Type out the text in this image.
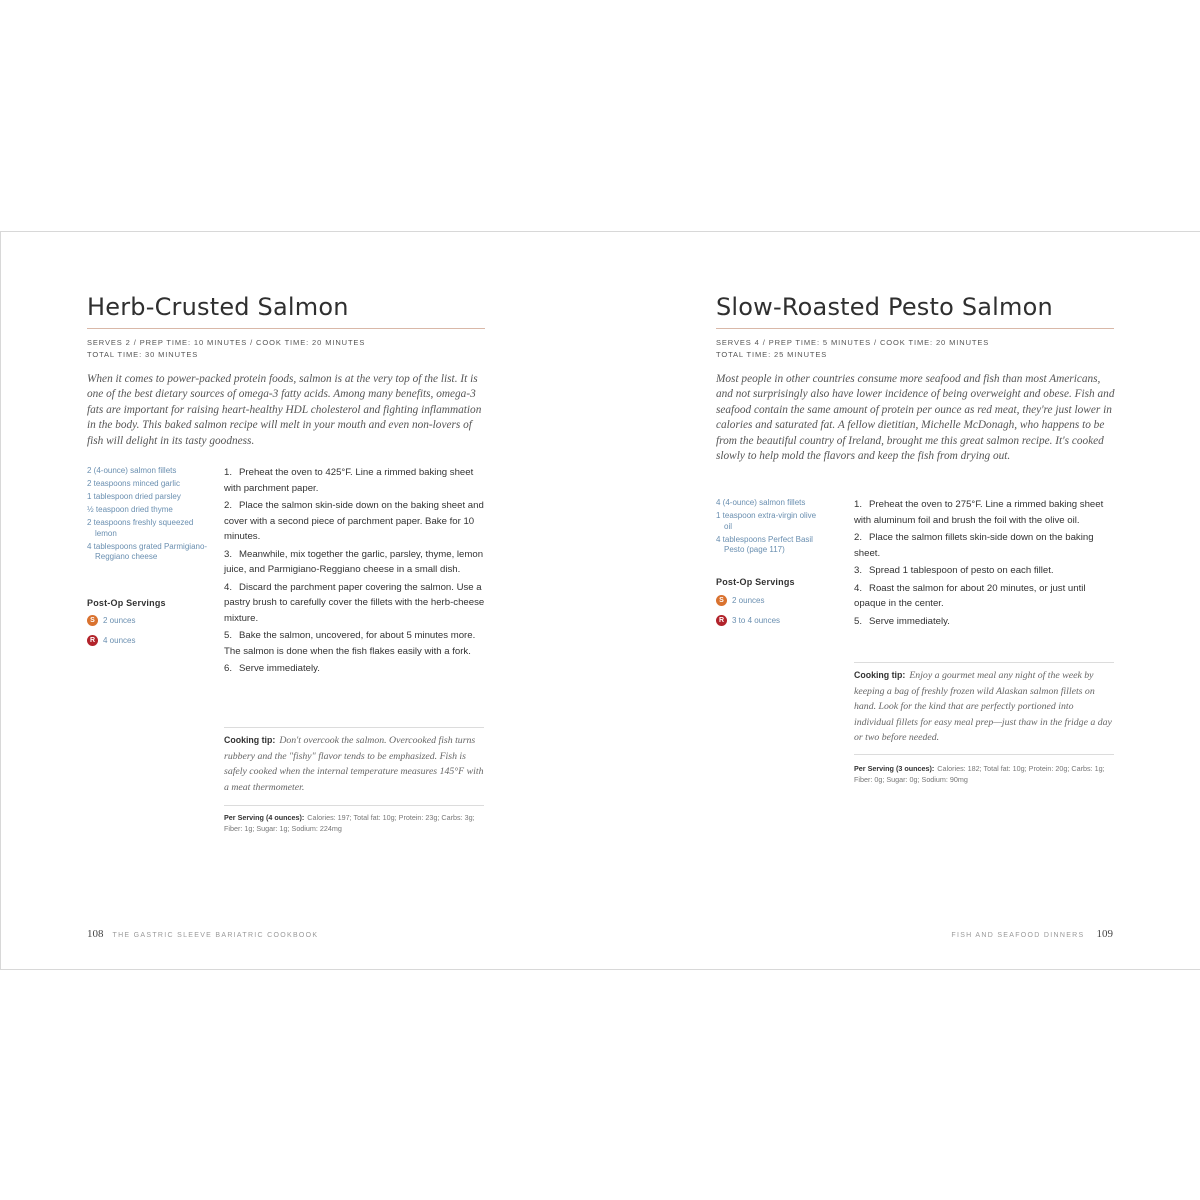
Herb-Crusted Salmon
SERVES 2 / PREP TIME: 10 MINUTES / COOK TIME: 20 MINUTES
TOTAL TIME: 30 MINUTES

When it comes to power-packed protein foods, salmon is at the very top of the list. It is one of the best dietary sources of omega-3 fatty acids. Among many benefits, omega-3 fats are important for raising heart-healthy HDL cholesterol and fighting inflammation in the body. This baked salmon recipe will melt in your mouth and even non-lovers of fish will delight in its tasty goodness.

2 (4-ounce) salmon fillets
2 teaspoons minced garlic
1 tablespoon dried parsley
½ teaspoon dried thyme
2 teaspoons freshly squeezed lemon
4 tablespoons grated Parmigiano-Reggiano cheese
Post-Op Servings
S	2 ounces
R 4 ounces
1. Preheat the oven to 425°F. Line a rimmed baking sheet with parchment paper.
2. Place the salmon skin-side down on the baking sheet and cover with a second piece of parchment paper. Bake for 10 minutes.
3. Meanwhile, mix together the garlic, parsley, thyme, lemon juice, and Parmigiano-Reggiano cheese in a small dish.
4. Discard the parchment paper covering the salmon. Use a pastry brush to carefully cover the fillets with the herb-cheese mixture.
5. Bake the salmon, uncovered, for about 5 minutes more. The salmon is done when the fish flakes easily with a fork.
6. Serve immediately.

Cooking tip: Don't overcook the salmon. Overcooked fish turns rubbery and the "fishy" flavor tends to be emphasized. Fish is safely cooked when the internal temperature measures 145°F with a meat thermometer.

Per Serving (4 ounces): Calories: 197; Total fat: 10g; Protein: 23g; Carbs: 3g; Fiber: 1g; Sugar: 1g; Sodium: 224mg

108 THE GASTRIC SLEEVE BARIATRIC COOKBOOK
Slow-Roasted Pesto Salmon
SERVES 4 / PREP TIME: 5 MINUTES / COOK TIME: 20 MINUTES
TOTAL TIME: 25 MINUTES

Most people in other countries consume more seafood and fish than most Americans, and not surprisingly also have lower incidence of being overweight and obese. Fish and seafood contain the same amount of protein per ounce as red meat, they're just lower in calories and saturated fat. A fellow dietitian, Michelle McDonagh, who happens to be from the beautiful country of Ireland, brought me this great salmon recipe. It's cooked slowly to help mold the flavors and keep the fish from drying out.

4 (4-ounce) salmon fillets
1 teaspoon extra-virgin olive oil
4 tablespoons Perfect Basil Pesto (page 117)
Post-Op Servings
S	2 ounces
R 3 to 4 ounces
1. Preheat the oven to 275°F. Line a rimmed baking sheet with aluminum foil and brush the foil with the olive oil.
2. Place the salmon fillets skin-side down on the baking sheet.
3. Spread 1 tablespoon of pesto on each fillet.
4. Roast the salmon for about 20 minutes, or just until opaque in the center.
5. Serve immediately.

Cooking tip: Enjoy a gourmet meal any night of the week by keeping a bag of freshly frozen wild Alaskan salmon fillets on hand. Look for the kind that are perfectly portioned into individual fillets for easy meal prep—just thaw in the fridge a day or two before needed.

Per Serving (3 ounces): Calories: 182; Total fat: 10g; Protein: 20g; Carbs: 1g; Fiber: 0g; Sugar: 0g; Sodium: 90mg

FISH AND SEAFOOD DINNERS 109
